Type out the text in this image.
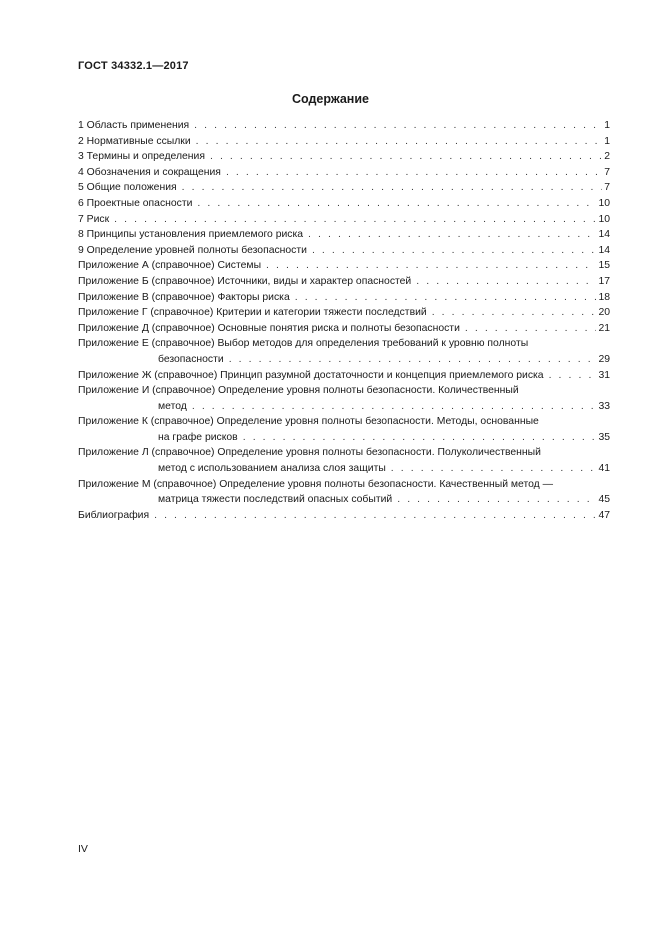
ГОСТ 34332.1—2017
Содержание
1 Область применения . . .	1
2 Нормативные ссылки . . .	1
3 Термины и определения . . .	2
4 Обозначения и сокращения . . .	7
5 Общие положения . . .	7
6 Проектные опасности . . .	10
7 Риск . . .	10
8 Принципы установления приемлемого риска . . .	14
9 Определение уровней полноты безопасности . . .	14
Приложение А (справочное) Системы . . .	15
Приложение Б (справочное) Источники, виды и характер опасностей . . .	17
Приложение В (справочное) Факторы риска . . .	18
Приложение Г (справочное) Критерии и категории тяжести последствий . . .	20
Приложение Д (справочное) Основные понятия риска и полноты безопасности . . .	21
Приложение Е (справочное) Выбор методов для определения требований к уровню полноты
безопасности . . .	29
Приложение Ж (справочное) Принцип разумной достаточности и концепция приемлемого риска . . .	31
Приложение И (справочное) Определение уровня полноты безопасности. Количественный
метод . . .	33
Приложение К (справочное) Определение уровня полноты безопасности. Методы, основанные
на графе рисков . . .	35
Приложение Л (справочное) Определение уровня полноты безопасности. Полуколичественный
метод с использованием анализа слоя защиты . . .	41
Приложение М (справочное) Определение уровня полноты безопасности. Качественный метод —
матрица тяжести последствий опасных событий . . .	45
Библиография . . .	47
IV
